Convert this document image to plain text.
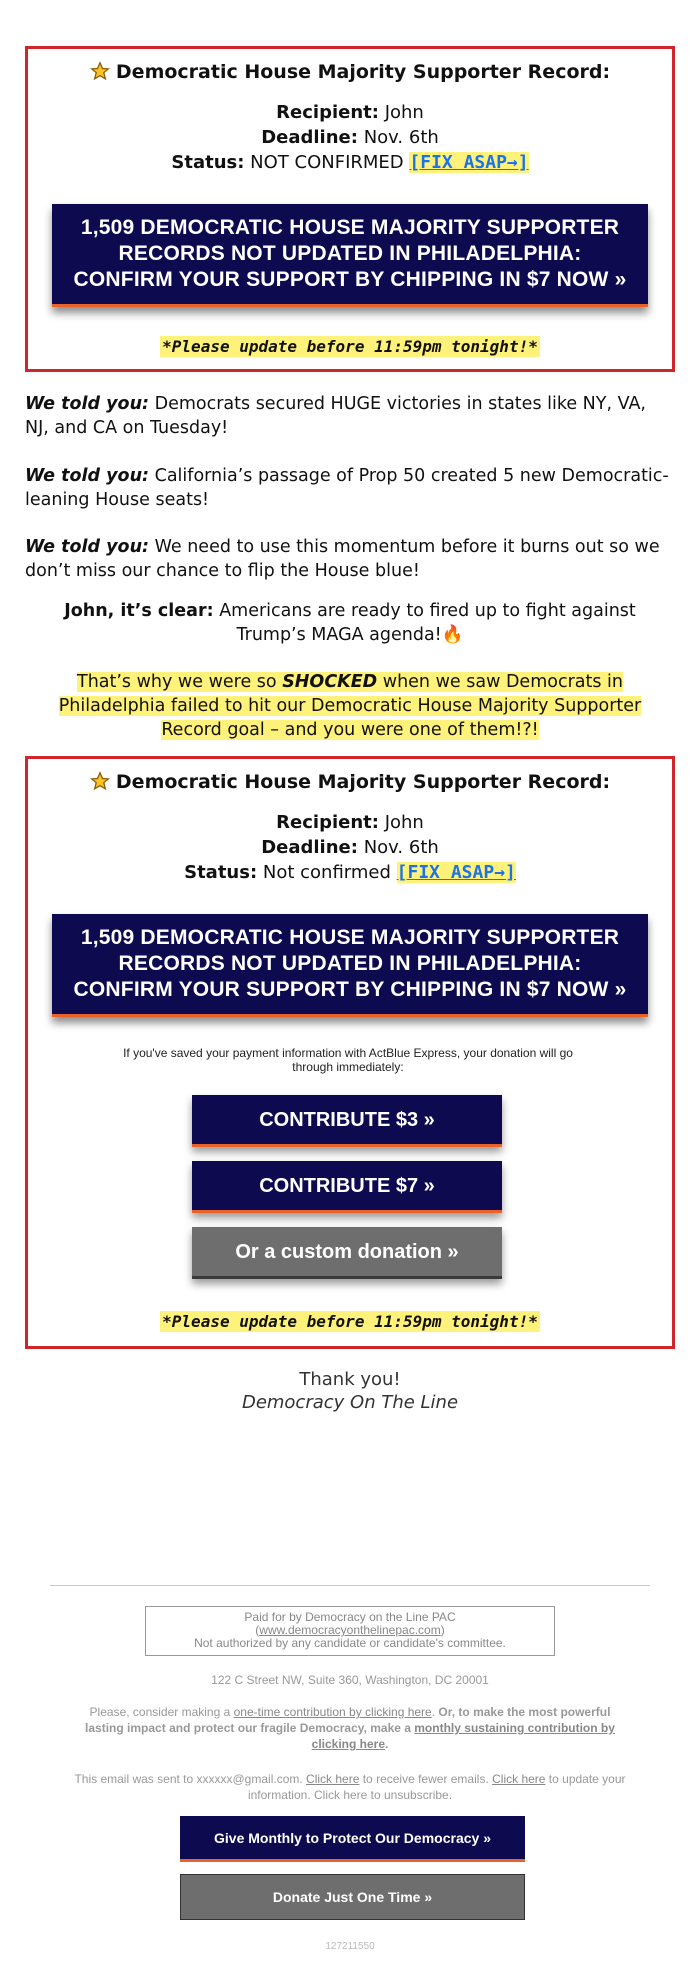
Democratic House Majority Supporter Record:
Recipient: John
Deadline: Nov. 6th
Status: NOT CONFIRMED [FIX ASAP→]
1,509 DEMOCRATIC HOUSE MAJORITY SUPPORTER RECORDS NOT UPDATED IN PHILADELPHIA: CONFIRM YOUR SUPPORT BY CHIPPING IN $7 NOW »
*Please update before 11:59pm tonight!*
We told you: Democrats secured HUGE victories in states like NY, VA, NJ, and CA on Tuesday!
We told you: California’s passage of Prop 50 created 5 new Democratic-leaning House seats!
We told you: We need to use this momentum before it burns out so we don’t miss our chance to flip the House blue!
John, it’s clear: Americans are ready to fired up to fight against Trump’s MAGA agenda!🔥
That’s why we were so SHOCKED when we saw Democrats in Philadelphia failed to hit our Democratic House Majority Supporter Record goal – and you were one of them!?!
Democratic House Majority Supporter Record:
Recipient: John
Deadline: Nov. 6th
Status: Not confirmed [FIX ASAP→]
1,509 DEMOCRATIC HOUSE MAJORITY SUPPORTER RECORDS NOT UPDATED IN PHILADELPHIA: CONFIRM YOUR SUPPORT BY CHIPPING IN $7 NOW »
If you've saved your payment information with ActBlue Express, your donation will go through immediately:
CONTRIBUTE $3 »
CONTRIBUTE $7 »
Or a custom donation »
*Please update before 11:59pm tonight!*
Thank you!
Democracy On The Line
Paid for by Democracy on the Line PAC
(www.democracyonthelinepac.com)
Not authorized by any candidate or candidate's committee.
122 C Street NW, Suite 360, Washington, DC 20001
Please, consider making a one-time contribution by clicking here. Or, to make the most powerful lasting impact and protect our fragile Democracy, make a monthly sustaining contribution by clicking here.
This email was sent to xxxxxx@gmail.com. Click here to receive fewer emails. Click here to update your information. Click here to unsubscribe.
Give Monthly to Protect Our Democracy »
Donate Just One Time »
127211550
